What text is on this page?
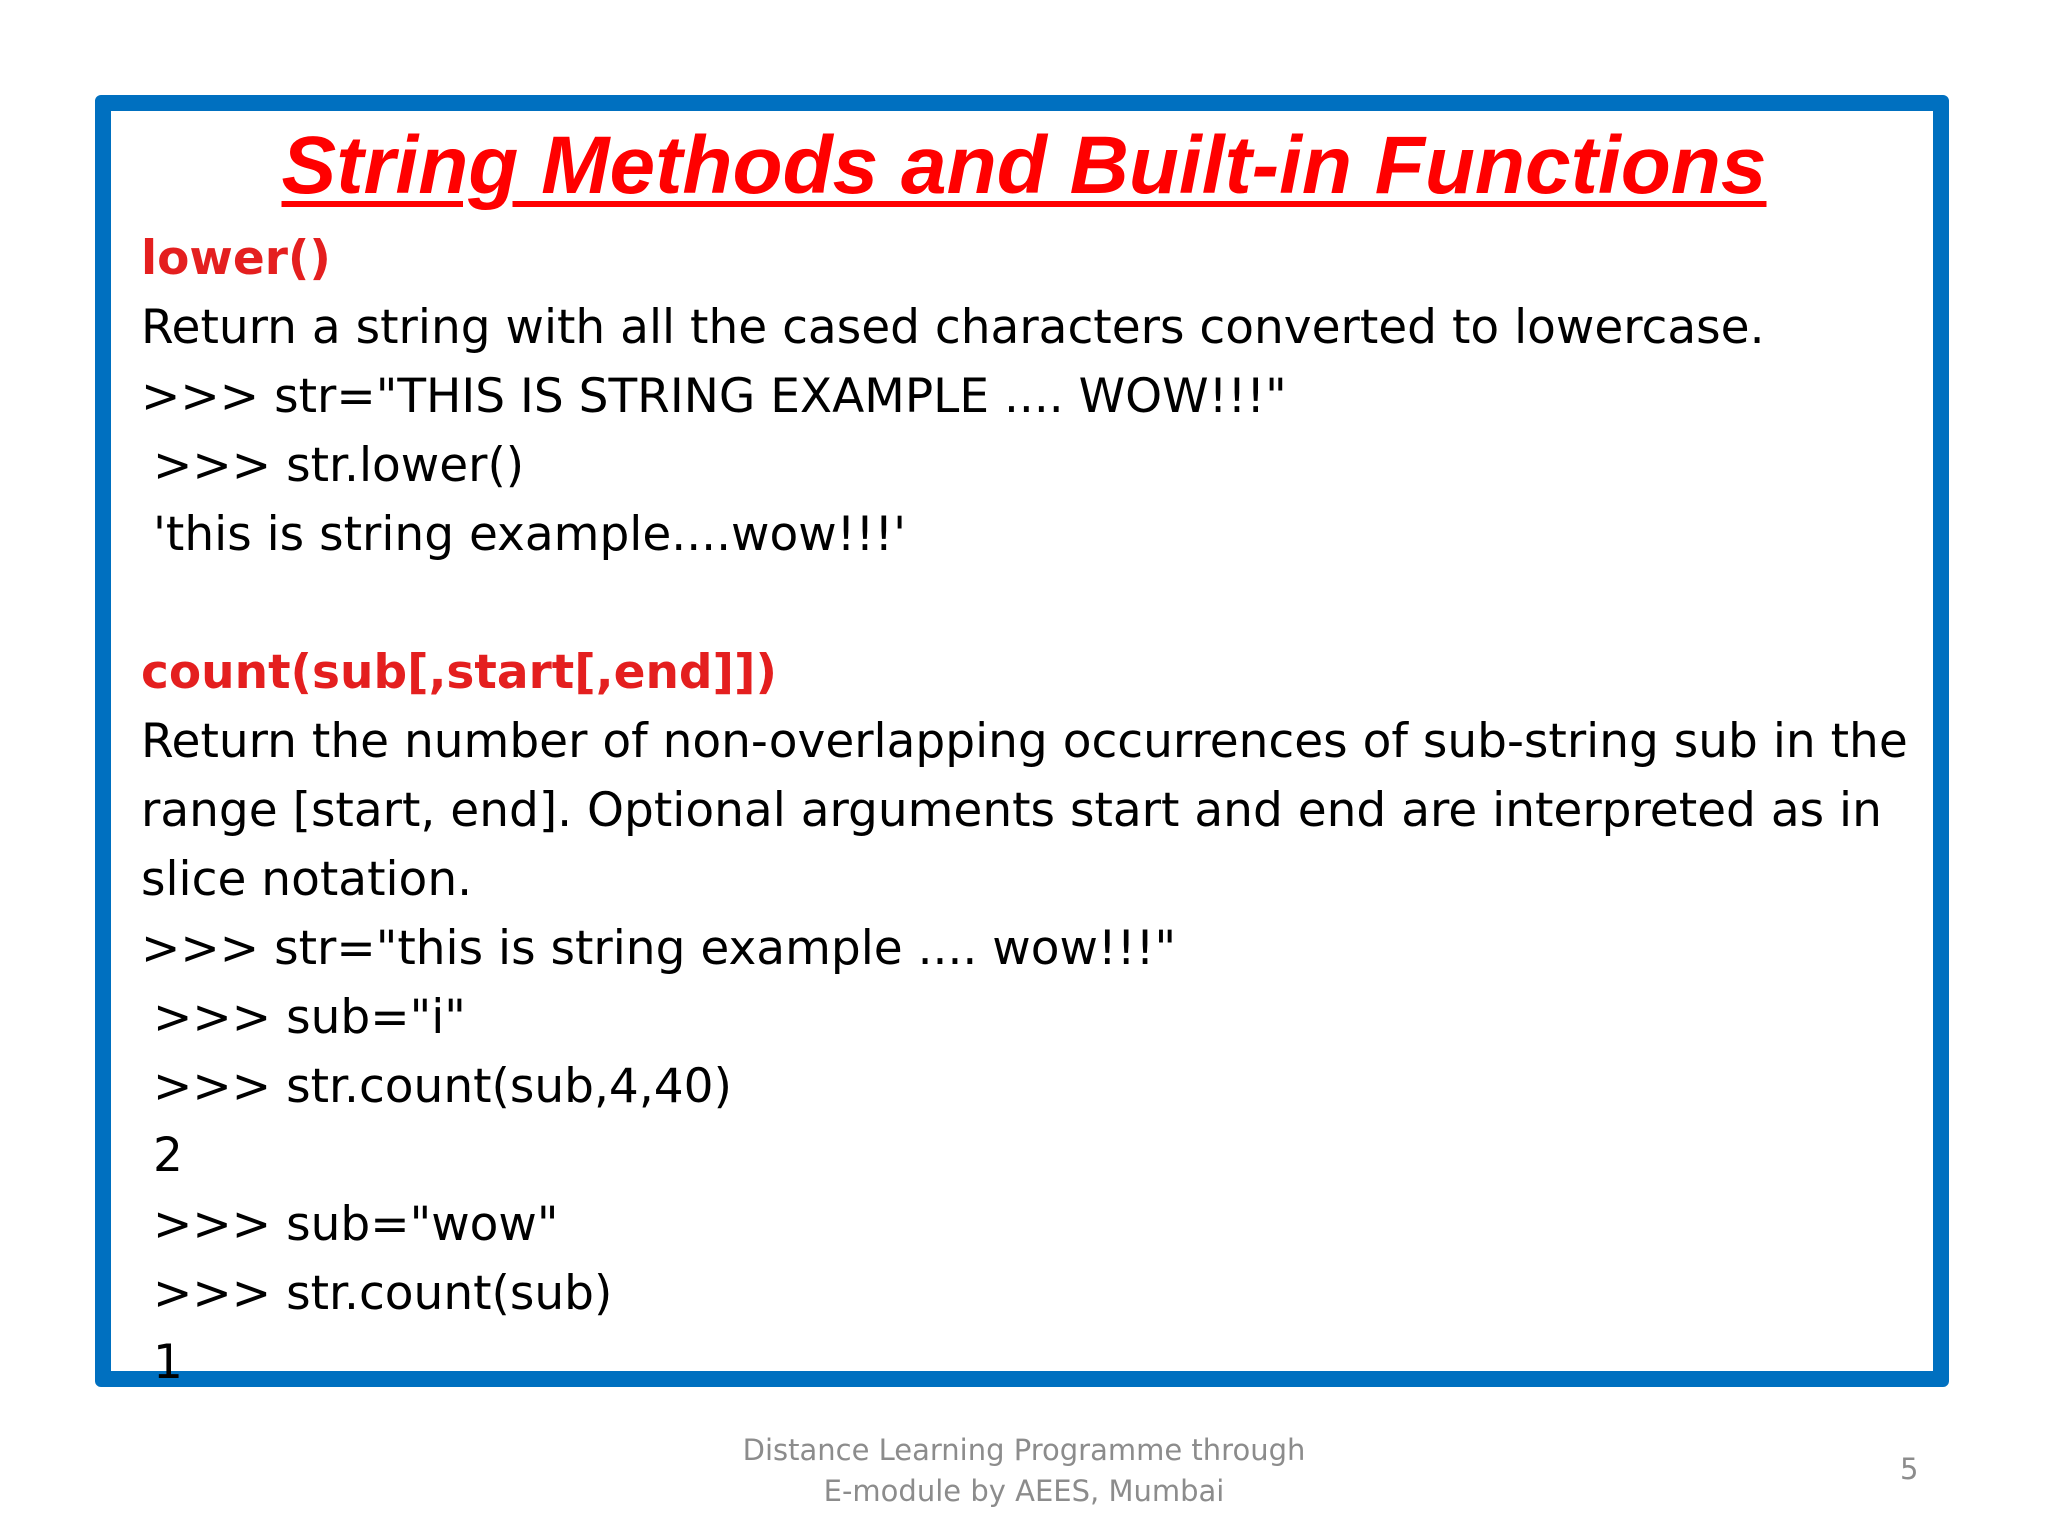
String Methods and Built-in Functions
lower()
Return a string with all the cased characters converted to lowercase.
>>> str="THIS IS STRING EXAMPLE .... WOW!!!"
>>> str.lower()
'this is string example....wow!!!'
count(sub[,start[,end]])
Return the number of non-overlapping occurrences of sub-string sub in the range [start, end]. Optional arguments start and end are interpreted as in slice notation.
>>> str="this is string example .... wow!!!"
>>> sub="i"
>>> str.count(sub,4,40)
2
>>> sub="wow"
>>> str.count(sub)
1
Distance Learning Programme through
E-module by AEES, Mumbai
5
